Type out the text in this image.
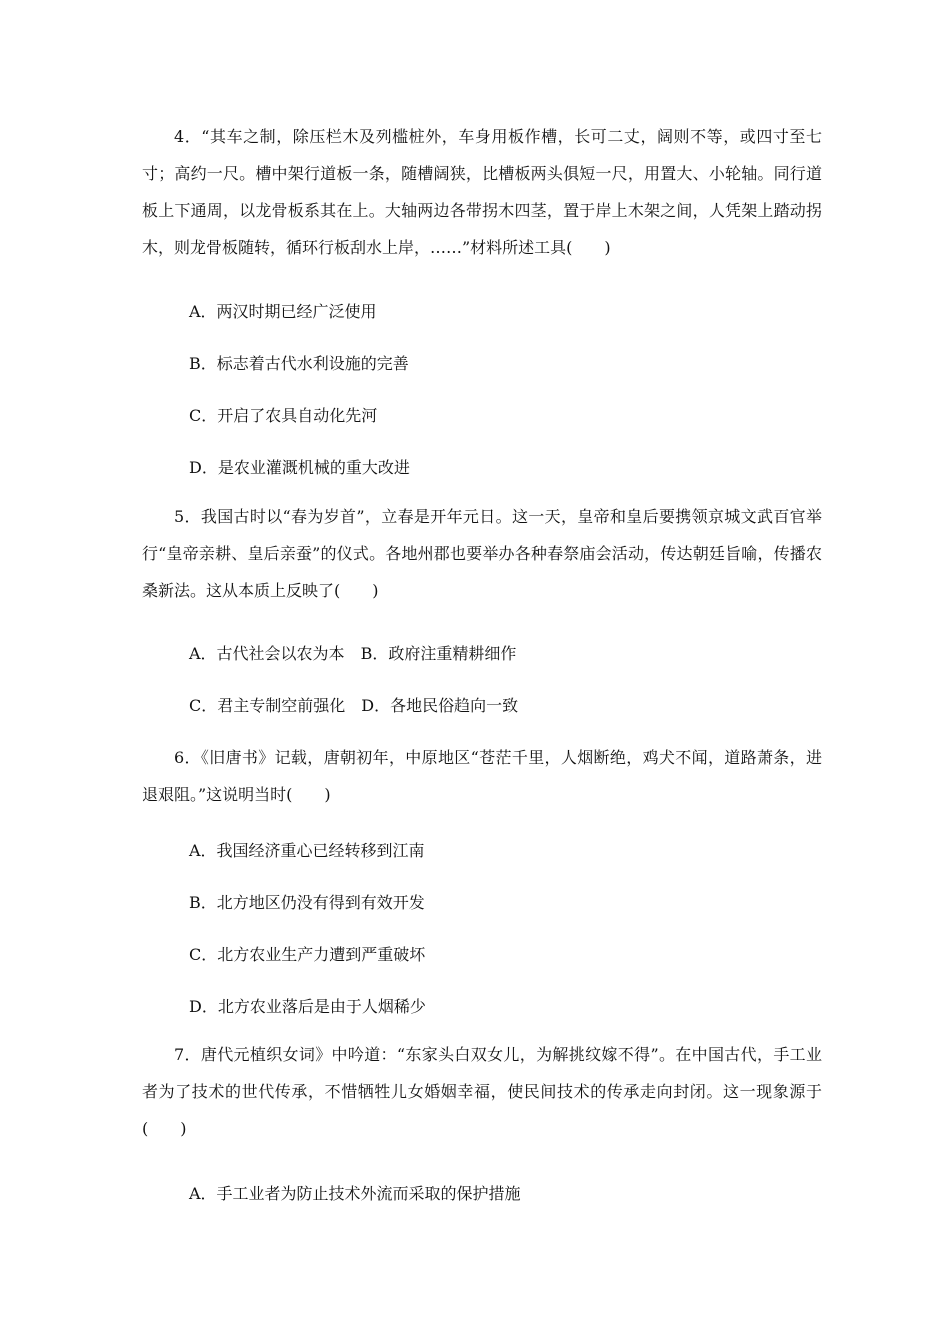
4．“其车之制，除压栏木及列槛桩外，车身用板作槽，长可二丈，阔则不等，或四寸至七寸；高约一尺。槽中架行道板一条，随槽阔狭，比槽板两头俱短一尺，用置大、小轮轴。同行道板上下通周，以龙骨板系其在上。大轴两边各带拐木四茎，置于岸上木架之间，人凭架上踏动拐木，则龙骨板随转，循环行板刮水上岸，……”材料所述工具(　　)

A．两汉时期已经广泛使用

B．标志着古代水利设施的完善

C．开启了农具自动化先河

D．是农业灌溉机械的重大改进

5．我国古时以“春为岁首”，立春是开年元日。这一天，皇帝和皇后要携领京城文武百官举行“皇帝亲耕、皇后亲蚕”的仪式。各地州郡也要举办各种春祭庙会活动，传达朝廷旨喻，传播农桑新法。这从本质上反映了(　　)

A．古代社会以农为本 B．政府注重精耕细作

C．君主专制空前强化 D．各地民俗趋向一致

6．《旧唐书》记载，唐朝初年，中原地区“苍茫千里，人烟断绝，鸡犬不闻，道路萧条，进退艰阻。”这说明当时(　　)

A．我国经济重心已经转移到江南

B．北方地区仍没有得到有效开发

C．北方农业生产力遭到严重破坏

D．北方农业落后是由于人烟稀少

7．唐代元植织女词》中吟道：“东家头白双女儿，为解挑纹嫁不得”。在中国古代，手工业者为了技术的世代传承，不惜牺牲儿女婚姻幸福，使民间技术的传承走向封闭。这一现象源于(　　)

A．手工业者为防止技术外流而采取的保护措施
